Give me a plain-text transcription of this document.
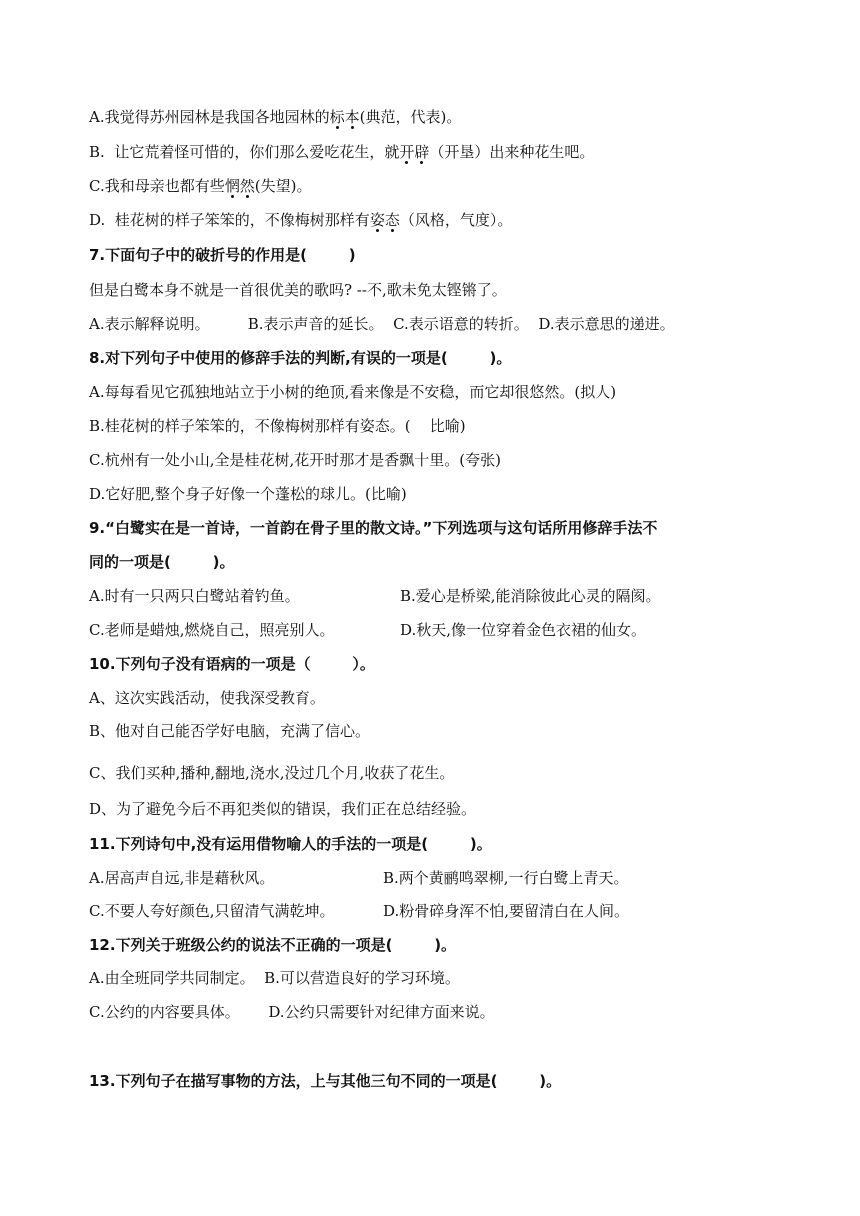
A.我觉得苏州园林是我国各地园林的标本(典范，代表)。
B.  让它荒着怪可惜的，你们那么爱吃花生，就开辟（开垦）出来种花生吧。
C.我和母亲也都有些惘然(失望)。
D.  桂花树的样子笨笨的，不像梅树那样有姿态（风格，气度）。
7.下面句子中的破折号的作用是(        )
但是白鹭本身不就是一首很优美的歌吗? --不,歌未免太铿锵了。
A.表示解释说明。        B.表示声音的延长。  C.表示语意的转折。  D.表示意思的递进。
8.对下列句子中使用的修辞手法的判断,有误的一项是(        )。
A.每每看见它孤独地站立于小树的绝顶,看来像是不安稳，而它却很悠然。(拟人)
B.桂花树的样子笨笨的，不像梅树那样有姿态。(    比喻)
C.杭州有一处小山,全是桂花树,花开时那才是香飘十里。(夸张)
D.它好肥,整个身子好像一个蓬松的球儿。(比喻)
9.“白鹭实在是一首诗，一首韵在骨子里的散文诗。”下列选项与这句话所用修辞手法不
同的一项是(        )。
A.时有一只两只白鹭站着钓鱼。	B.爱心是桥梁,能消除彼此心灵的隔阂。
C.老师是蜡烛,燃烧自己，照亮别人。	D.秋天,像一位穿着金色衣裙的仙女。
10.下列句子没有语病的一项是（        ）。
A、这次实践活动，使我深受教育。
B、他对自己能否学好电脑，充满了信心。
C、我们买种,播种,翻地,浇水,没过几个月,收获了花生。
D、为了避免今后不再犯类似的错误，我们正在总结经验。
11.下列诗句中,没有运用借物喻人的手法的一项是(        )。
A.居高声自远,非是藉秋风。	B.两个黄鹂鸣翠柳,一行白鹭上青天。
C.不要人夸好颜色,只留清气满乾坤。	D.粉骨碎身浑不怕,要留清白在人间。
12.下列关于班级公约的说法不正确的一项是(        )。
A.由全班同学共同制定。  B.可以营造良好的学习环境。
C.公约的内容要具体。      D.公约只需要针对纪律方面来说。
13.下列句子在描写事物的方法，上与其他三句不同的一项是(        )。
